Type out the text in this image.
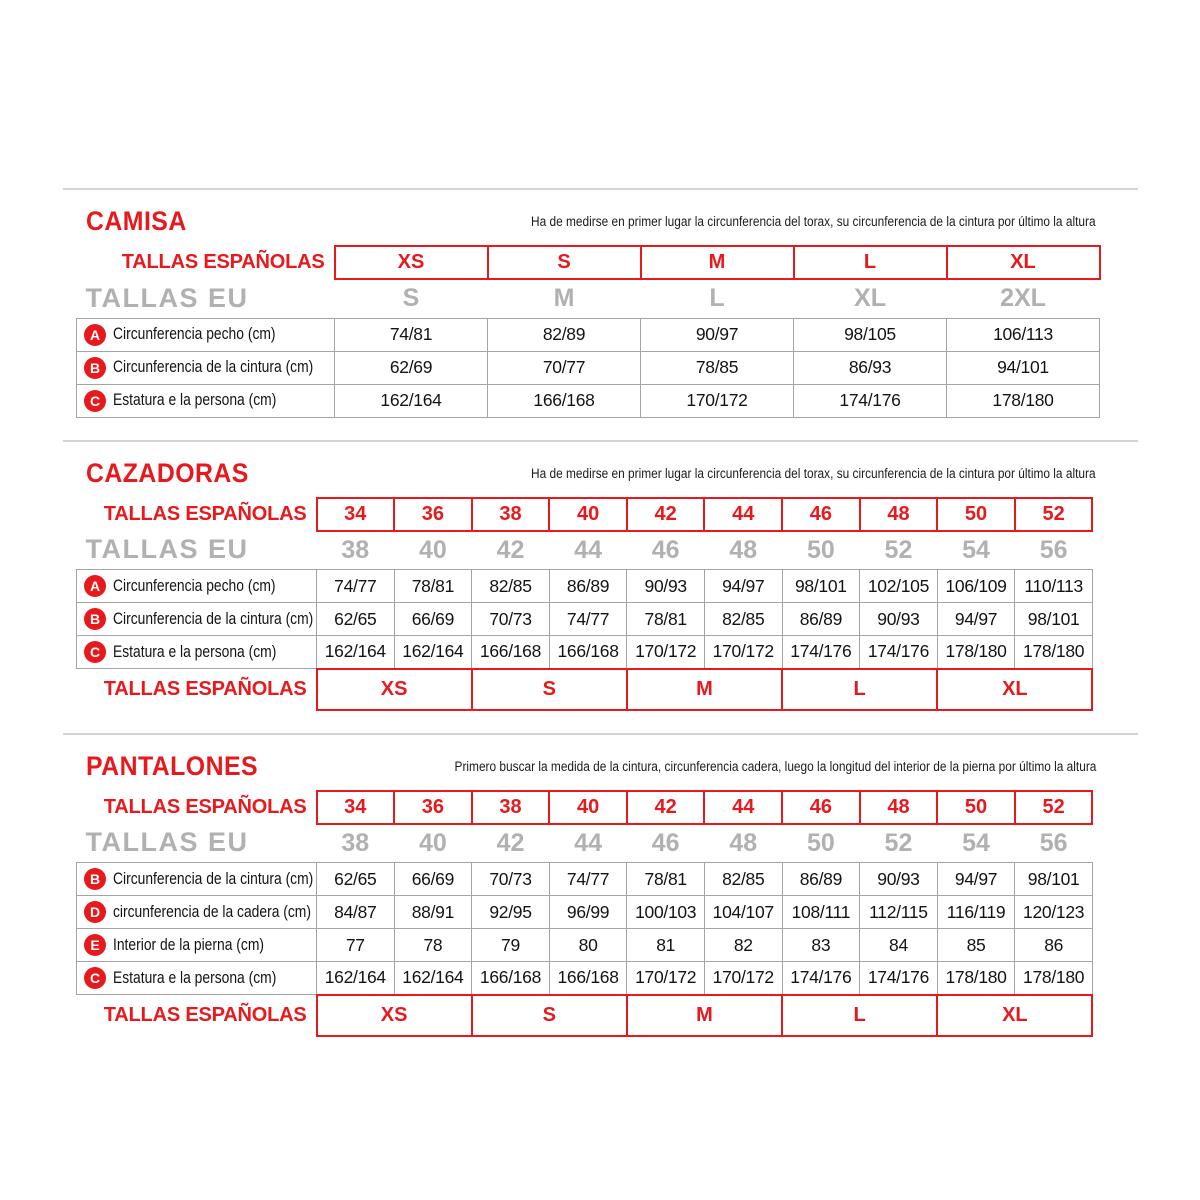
CAMISA	Ha de medirse en primer lugar la circunferencia del torax, su circunferencia de la cintura por último la altura

TALLAS ESPAÑOLAS	XS	S	M	L	XL
TALLAS EU	S	M	L	XL	2XL
A Circunferencia pecho (cm)	74/81	82/89	90/97	98/105	106/113
B Circunferencia de la cintura (cm)	62/69	70/77	78/85	86/93	94/101
C Estatura e la persona (cm)	162/164	166/168	170/172	174/176	178/180
CAZADORAS	Ha de medirse en primer lugar la circunferencia del torax, su circunferencia de la cintura por último la altura

TALLAS ESPAÑOLAS	34	36	38	40	42	44	46	48	50	52
TALLAS EU	38	40	42	44	46	48	50	52	54	56
A Circunferencia pecho (cm)	74/77	78/81	82/85	86/89	90/93	94/97	98/101	102/105	106/109	110/113
B Circunferencia de la cintura (cm)	62/65	66/69	70/73	74/77	78/81	82/85	86/89	90/93	94/97	98/101
C Estatura e la persona (cm)	162/164	162/164	166/168	166/168	170/172	170/172	174/176	174/176	178/180	178/180
TALLAS ESPAÑOLAS	XS		S		M		L		XL	
PANTALONES	Primero buscar la medida de la cintura, circunferencia cadera, luego la longitud del interior de la pierna por último la altura

TALLAS ESPAÑOLAS	34	36	38	40	42	44	46	48	50	52
TALLAS EU	38	40	42	44	46	48	50	52	54	56
B Circunferencia de la cintura (cm)	62/65	66/69	70/73	74/77	78/81	82/85	86/89	90/93	94/97	98/101
D circunferencia de la cadera (cm)	84/87	88/91	92/95	96/99	100/103	104/107	108/111	112/115	116/119	120/123
E Interior de la pierna (cm)	77	78	79	80	81	82	83	84	85	86
C Estatura e la persona (cm)	162/164	162/164	166/168	166/168	170/172	170/172	174/176	174/176	178/180	178/180
TALLAS ESPAÑOLAS	XS		S		M		L		XL	
